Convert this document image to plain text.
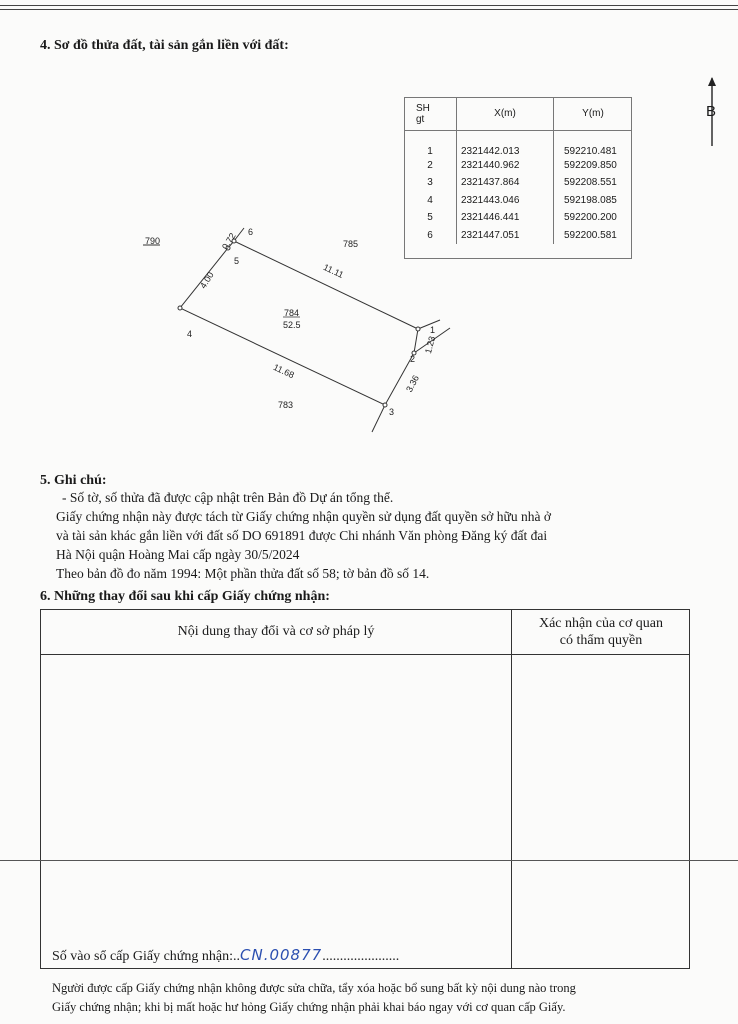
4. Sơ đồ thửa đất, tài sản gắn liền với đất:
B
SH
gt	X(m)	Y(m)
1	2321442.013	592210.481
2	2321440.962	592209.850
3	2321437.864	592208.551
4	2321443.046	592198.085
5	2321446.441	592200.200
6	2321447.051	592200.581
790	785
783
784
52.5	1
2
3
4
5
6
0.72
4.00	11.11
11.68
1.23
3.36
5. Ghi chú:
- Số tờ, số thửa đã được cập nhật trên Bản đồ Dự án tổng thể.
Giấy chứng nhận này được tách từ Giấy chứng nhận quyền sử dụng đất quyền sở hữu nhà ở
và tài sản khác gắn liền với đất số DO 691891 được Chi nhánh Văn phòng Đăng ký đất đai
Hà Nội quận Hoàng Mai cấp ngày 30/5/2024
Theo bản đồ đo năm 1994: Một phần thửa đất số 58; tờ bản đồ số 14.
6. Những thay đổi sau khi cấp Giấy chứng nhận:
Nội dung thay đổi và cơ sở pháp lý
Xác nhận của cơ quan
có thẩm quyền
Số vào sổ cấp Giấy chứng nhận:..CN.00877......................
Người được cấp Giấy chứng nhận không được sửa chữa, tẩy xóa hoặc bổ sung bất kỳ nội dung nào trong
Giấy chứng nhận; khi bị mất hoặc hư hỏng Giấy chứng nhận phải khai báo ngay với cơ quan cấp Giấy.
